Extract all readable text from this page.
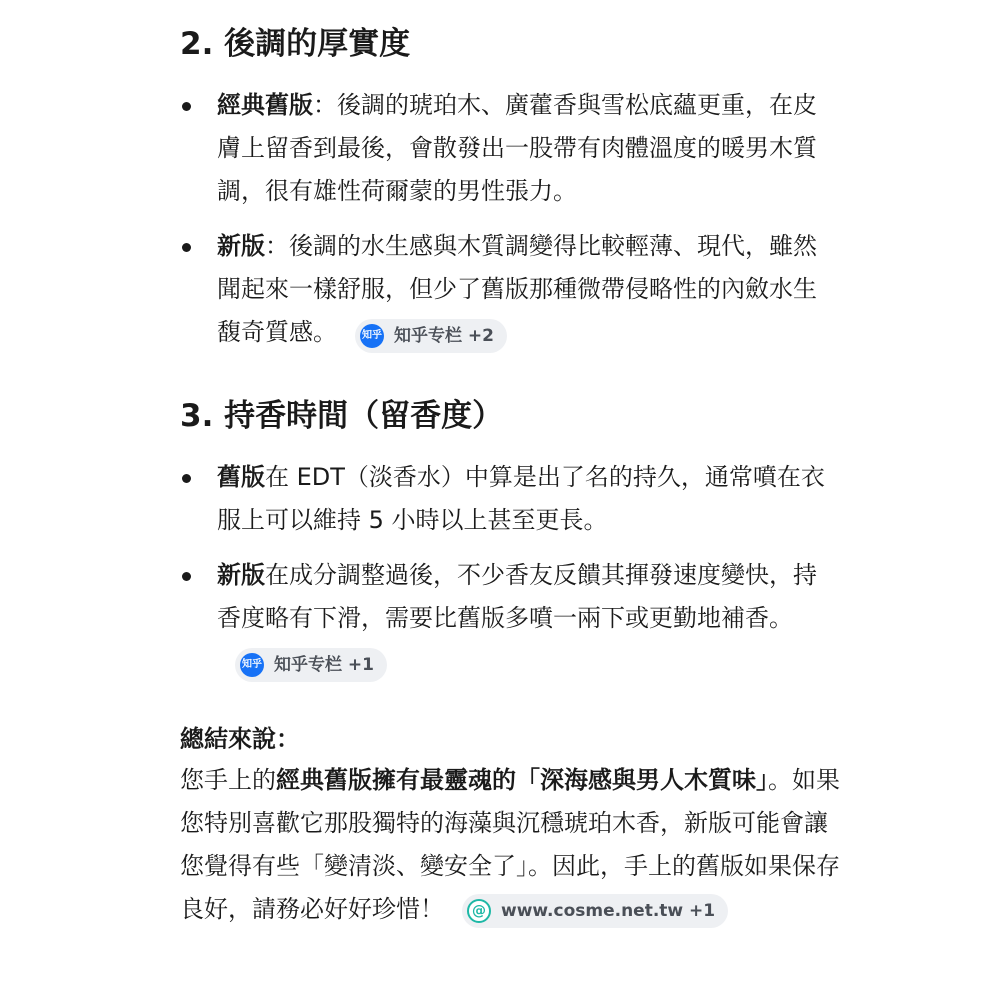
2. 後調的厚實度
經典舊版：後調的琥珀木、廣藿香與雪松底蘊更重，在皮膚上留香到最後，會散發出一股帶有肉體溫度的暖男木質調，很有雄性荷爾蒙的男性張力。
新版：後調的水生感與木質調變得比較輕薄、現代，雖然聞起來一樣舒服，但少了舊版那種微帶侵略性的內斂水生馥奇質感。	知乎 知乎专栏 +2
3. 持香時間（留香度）
舊版在 EDT（淡香水）中算是出了名的持久，通常噴在衣服上可以維持 5 小時以上甚至更長。
新版在成分調整過後，不少香友反饋其揮發速度變快，持香度略有下滑，需要比舊版多噴一兩下或更勤地補香。
知乎 知乎专栏 +1
總結來說：
您手上的經典舊版擁有最靈魂的「深海感與男人木質味」。如果您特別喜歡它那股獨特的海藻與沉穩琥珀木香，新版可能會讓您覺得有些「變清淡、變安全了」。因此，手上的舊版如果保存良好，請務必好好珍惜！	@ www.cosme.net.tw +1
